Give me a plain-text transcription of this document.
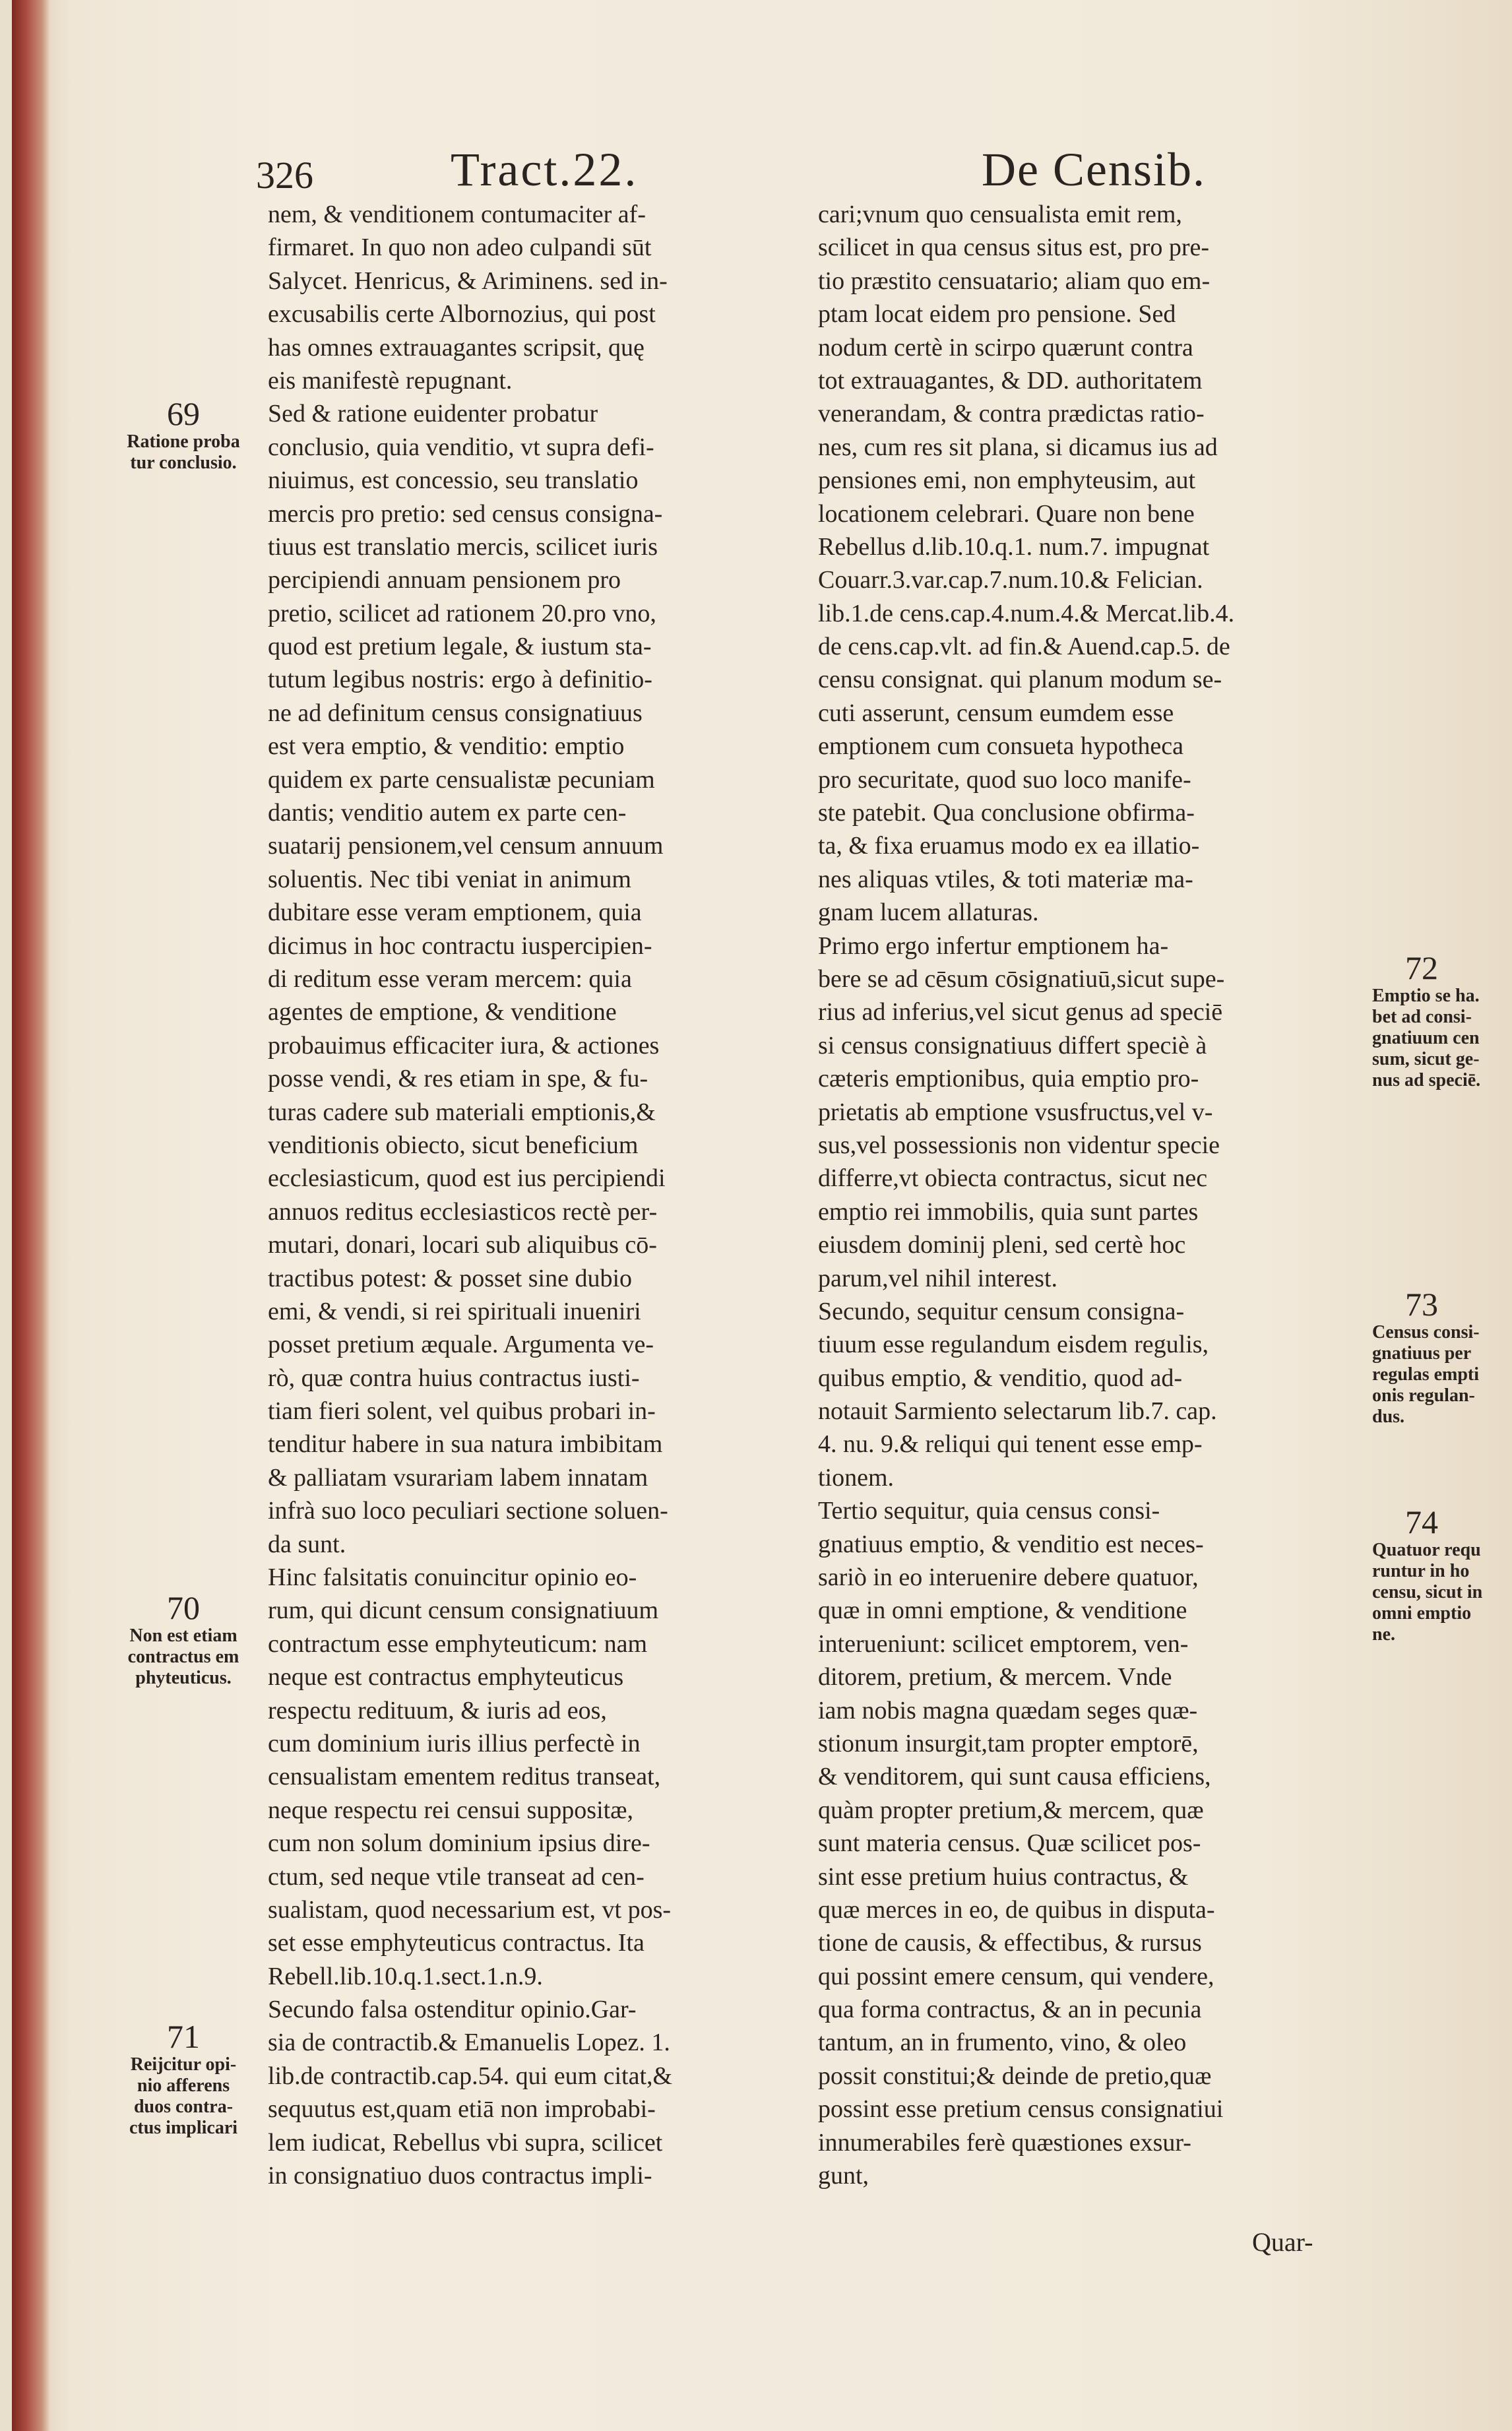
326	Tract.22.	De Censib.
nem, & venditionem contumaciter af-
firmaret. In quo non adeo culpandi sūt
Salycet. Henricus, & Ariminens. sed in-
excusabilis certe Albornozius, qui post
has omnes extrauagantes scripsit, quę
eis manifestè repugnant.
Sed & ratione euidenter probatur
conclusio, quia venditio, vt supra defi-
niuimus, est concessio, seu translatio
mercis pro pretio: sed census consigna-
tiuus est translatio mercis, scilicet iuris
percipiendi annuam pensionem pro
pretio, scilicet ad rationem 20.pro vno,
quod est pretium legale, & iustum sta-
tutum legibus nostris: ergo à definitio-
ne ad definitum census consignatiuus
est vera emptio, & venditio: emptio
quidem ex parte censualistæ pecuniam
dantis; venditio autem ex parte cen-
suatarij pensionem,vel censum annuum
soluentis. Nec tibi veniat in animum
dubitare esse veram emptionem, quia
dicimus in hoc contractu iuspercipien-
di reditum esse veram mercem: quia
agentes de emptione, & venditione
probauimus efficaciter iura, & actiones
posse vendi, & res etiam in spe, & fu-
turas cadere sub materiali emptionis,&
venditionis obiecto, sicut beneficium
ecclesiasticum, quod est ius percipiendi
annuos reditus ecclesiasticos rectè per-
mutari, donari, locari sub aliquibus cō-
tractibus potest: & posset sine dubio
emi, & vendi, si rei spirituali inueniri
posset pretium æquale. Argumenta ve-
rò, quæ contra huius contractus iusti-
tiam fieri solent, vel quibus probari in-
tenditur habere in sua natura imbibitam
& palliatam vsurariam labem innatam
infrà suo loco peculiari sectione soluen-
da sunt.
Hinc falsitatis conuincitur opinio eo-
rum, qui dicunt censum consignatiuum
contractum esse emphyteuticum: nam
neque est contractus emphyteuticus
respectu redituum, & iuris ad eos,
cum dominium iuris illius perfectè in
censualistam ementem reditus transeat,
neque respectu rei censui suppositæ,
cum non solum dominium ipsius dire-
ctum, sed neque vtile transeat ad cen-
sualistam, quod necessarium est, vt pos-
set esse emphyteuticus contractus. Ita
Rebell.lib.10.q.1.sect.1.n.9.
Secundo falsa ostenditur opinio.Gar-
sia de contractib.& Emanuelis Lopez. 1.
lib.de contractib.cap.54. qui eum citat,&
sequutus est,quam etiā non improbabi-
lem iudicat, Rebellus vbi supra, scilicet
in consignatiuo duos contractus impli-
cari;vnum quo censualista emit rem,
scilicet in qua census situs est, pro pre-
tio præstito censuatario; aliam quo em-
ptam locat eidem pro pensione. Sed
nodum certè in scirpo quærunt contra
tot extrauagantes, & DD. authoritatem
venerandam, & contra prædictas ratio-
nes, cum res sit plana, si dicamus ius ad
pensiones emi, non emphyteusim, aut
locationem celebrari. Quare non bene
Rebellus d.lib.10.q.1. num.7. impugnat
Couarr.3.var.cap.7.num.10.& Felician.
lib.1.de cens.cap.4.num.4.& Mercat.lib.4.
de cens.cap.vlt. ad fin.& Auend.cap.5. de
censu consignat. qui planum modum se-
cuti asserunt, censum eumdem esse
emptionem cum consueta hypotheca
pro securitate, quod suo loco manife-
ste patebit. Qua conclusione obfirma-
ta, & fixa eruamus modo ex ea illatio-
nes aliquas vtiles, & toti materiæ ma-
gnam lucem allaturas.
Primo ergo infertur emptionem ha-
bere se ad cēsum cōsignatiuū,sicut supe-
rius ad inferius,vel sicut genus ad speciē
si census consignatiuus differt speciè à
cæteris emptionibus, quia emptio pro-
prietatis ab emptione vsusfructus,vel v-
sus,vel possessionis non videntur specie
differre,vt obiecta contractus, sicut nec
emptio rei immobilis, quia sunt partes
eiusdem dominij pleni, sed certè hoc
parum,vel nihil interest.
Secundo, sequitur censum consigna-
tiuum esse regulandum eisdem regulis,
quibus emptio, & venditio, quod ad-
notauit Sarmiento selectarum lib.7. cap.
4. nu. 9.& reliqui qui tenent esse emp-
tionem.
Tertio sequitur, quia census consi-
gnatiuus emptio, & venditio est neces-
sariò in eo interuenire debere quatuor,
quæ in omni emptione, & venditione
interueniunt: scilicet emptorem, ven-
ditorem, pretium, & mercem. Vnde
iam nobis magna quædam seges quæ-
stionum insurgit,tam propter emptorē,
& venditorem, qui sunt causa efficiens,
quàm propter pretium,& mercem, quæ
sunt materia census. Quæ scilicet pos-
sint esse pretium huius contractus, &
quæ merces in eo, de quibus in disputa-
tione de causis, & effectibus, & rursus
qui possint emere censum, qui vendere,
qua forma contractus, & an in pecunia
tantum, an in frumento, vino, & oleo
possit constitui;& deinde de pretio,quæ
possint esse pretium census consignatiui
innumerabiles ferè quæstiones exsur-
gunt,
69
Ratione proba
tur conclusio.
70
Non est etiam
contractus em
phyteuticus.
71
Reijcitur opi-
nio afferens
duos contra-
ctus implicari
72
Emptio se ha.
bet ad consi-
gnatiuum cen
sum, sicut ge-
nus ad speciē.
73
Census consi-
gnatiuus per
regulas empti
onis regulan-
dus.
74
Quatuor requ
runtur in ho
censu, sicut in
omni emptio
ne.
Quar-
